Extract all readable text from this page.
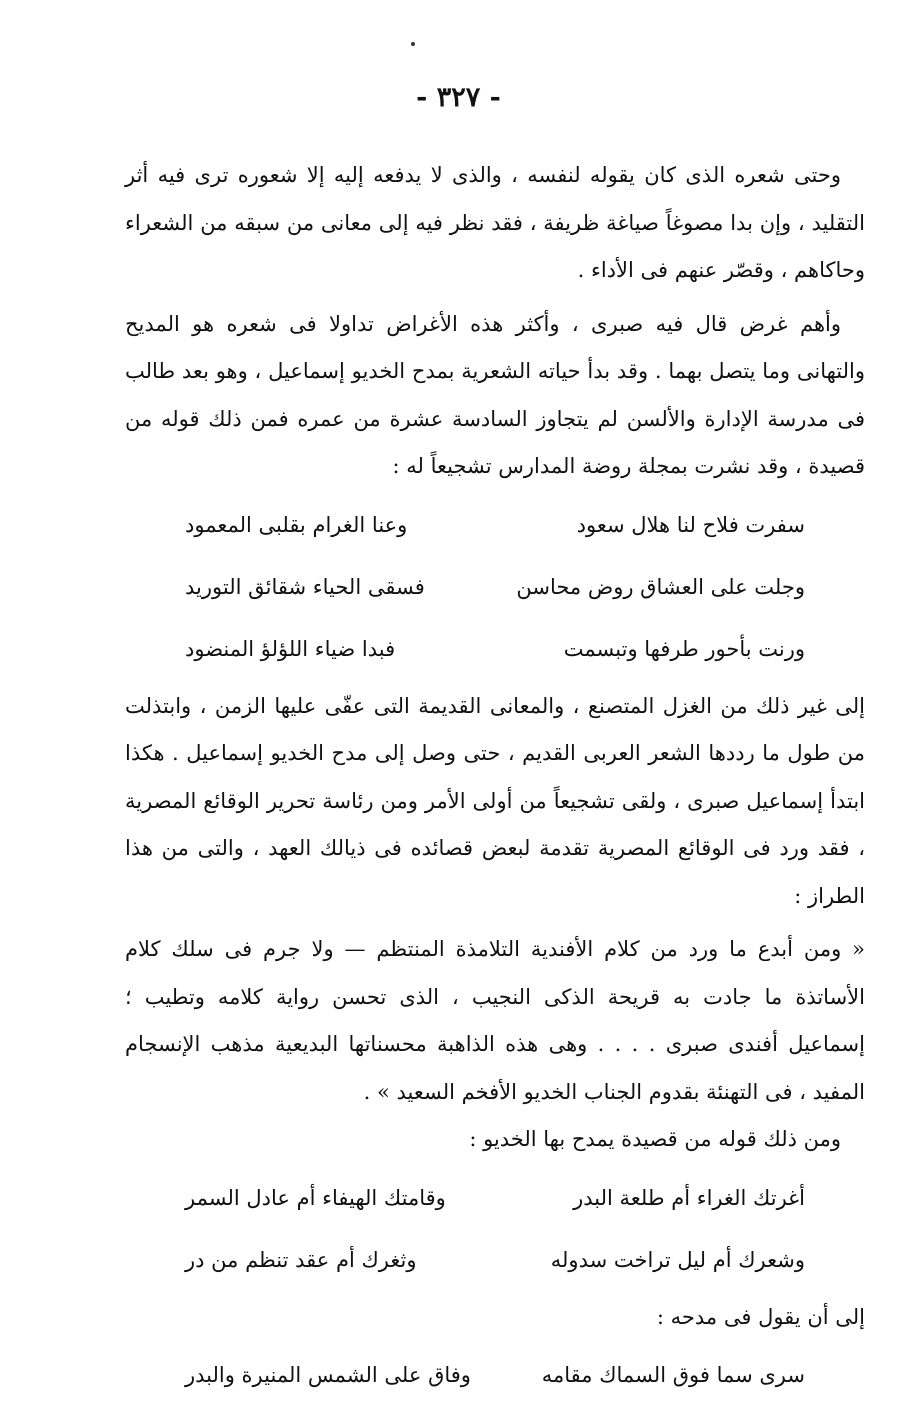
- ٣٢٧ -

وحتى شعره الذى كان يقوله لنفسه ، والذى لا يدفعه إليه إلا شعوره ترى فيه أثر التقليد ، وإن بدا مصوغاً صياغة ظريفة ، فقد نظر فيه إلى معانى من سبقه من الشعراء وحاكاهم ، وقصّر عنهم فى الأداء .

وأهم غرض قال فيه صبرى ، وأكثر هذه الأغراض تداولا فى شعره هو المديح والتهانى وما يتصل بهما . وقد بدأ حياته الشعرية بمدح الخديو إسماعيل ، وهو بعد طالب فى مدرسة الإدارة والألسن لم يتجاوز السادسة عشرة من عمره فمن ذلك قوله من قصيدة ، وقد نشرت بمجلة روضة المدارس تشجيعاً له :

سفرت فلاح لنا هلال سعود
وعنا الغرام بقلبى المعمود
وجلت على العشاق روض محاسن
فسقى الحياء شقائق التوريد
ورنت بأحور طرفها وتبسمت
فبدا ضياء اللؤلؤ المنضود

إلى غير ذلك من الغزل المتصنع ، والمعانى القديمة التى عفّى عليها الزمن ، وابتذلت من طول ما رددها الشعر العربى القديم ، حتى وصل إلى مدح الخديو إسماعيل . هكذا ابتدأ إسماعيل صبرى ، ولقى تشجيعاً من أولى الأمر ومن رئاسة تحرير الوقائع المصرية ، فقد ورد فى الوقائع المصرية تقدمة لبعض قصائده فى ذيالك العهد ، والتى من هذا الطراز :

« ومن أبدع ما ورد من كلام الأفندية التلامذة المنتظم — ولا جرم فى سلك كلام الأساتذة ما جادت به قريحة الذكى النجيب ، الذى تحسن رواية كلامه وتطيب ؛ إسماعيل أفندى صبرى . . . . وهى هذه الذاهبة محسناتها البديعية مذهب الإنسجام المفيد ، فى التهنئة بقدوم الجناب الخديو الأفخم السعيد » .

ومن ذلك قوله من قصيدة يمدح بها الخديو :

أغرتك الغراء أم طلعة البدر
وقامتك الهيفاء أم عادل السمر
وشعرك أم ليل تراخت سدوله
وثغرك أم عقد تنظم من در

إلى أن يقول فى مدحه :

سرى سما فوق السماك مقامه
وفاق على الشمس المنيرة والبدر
